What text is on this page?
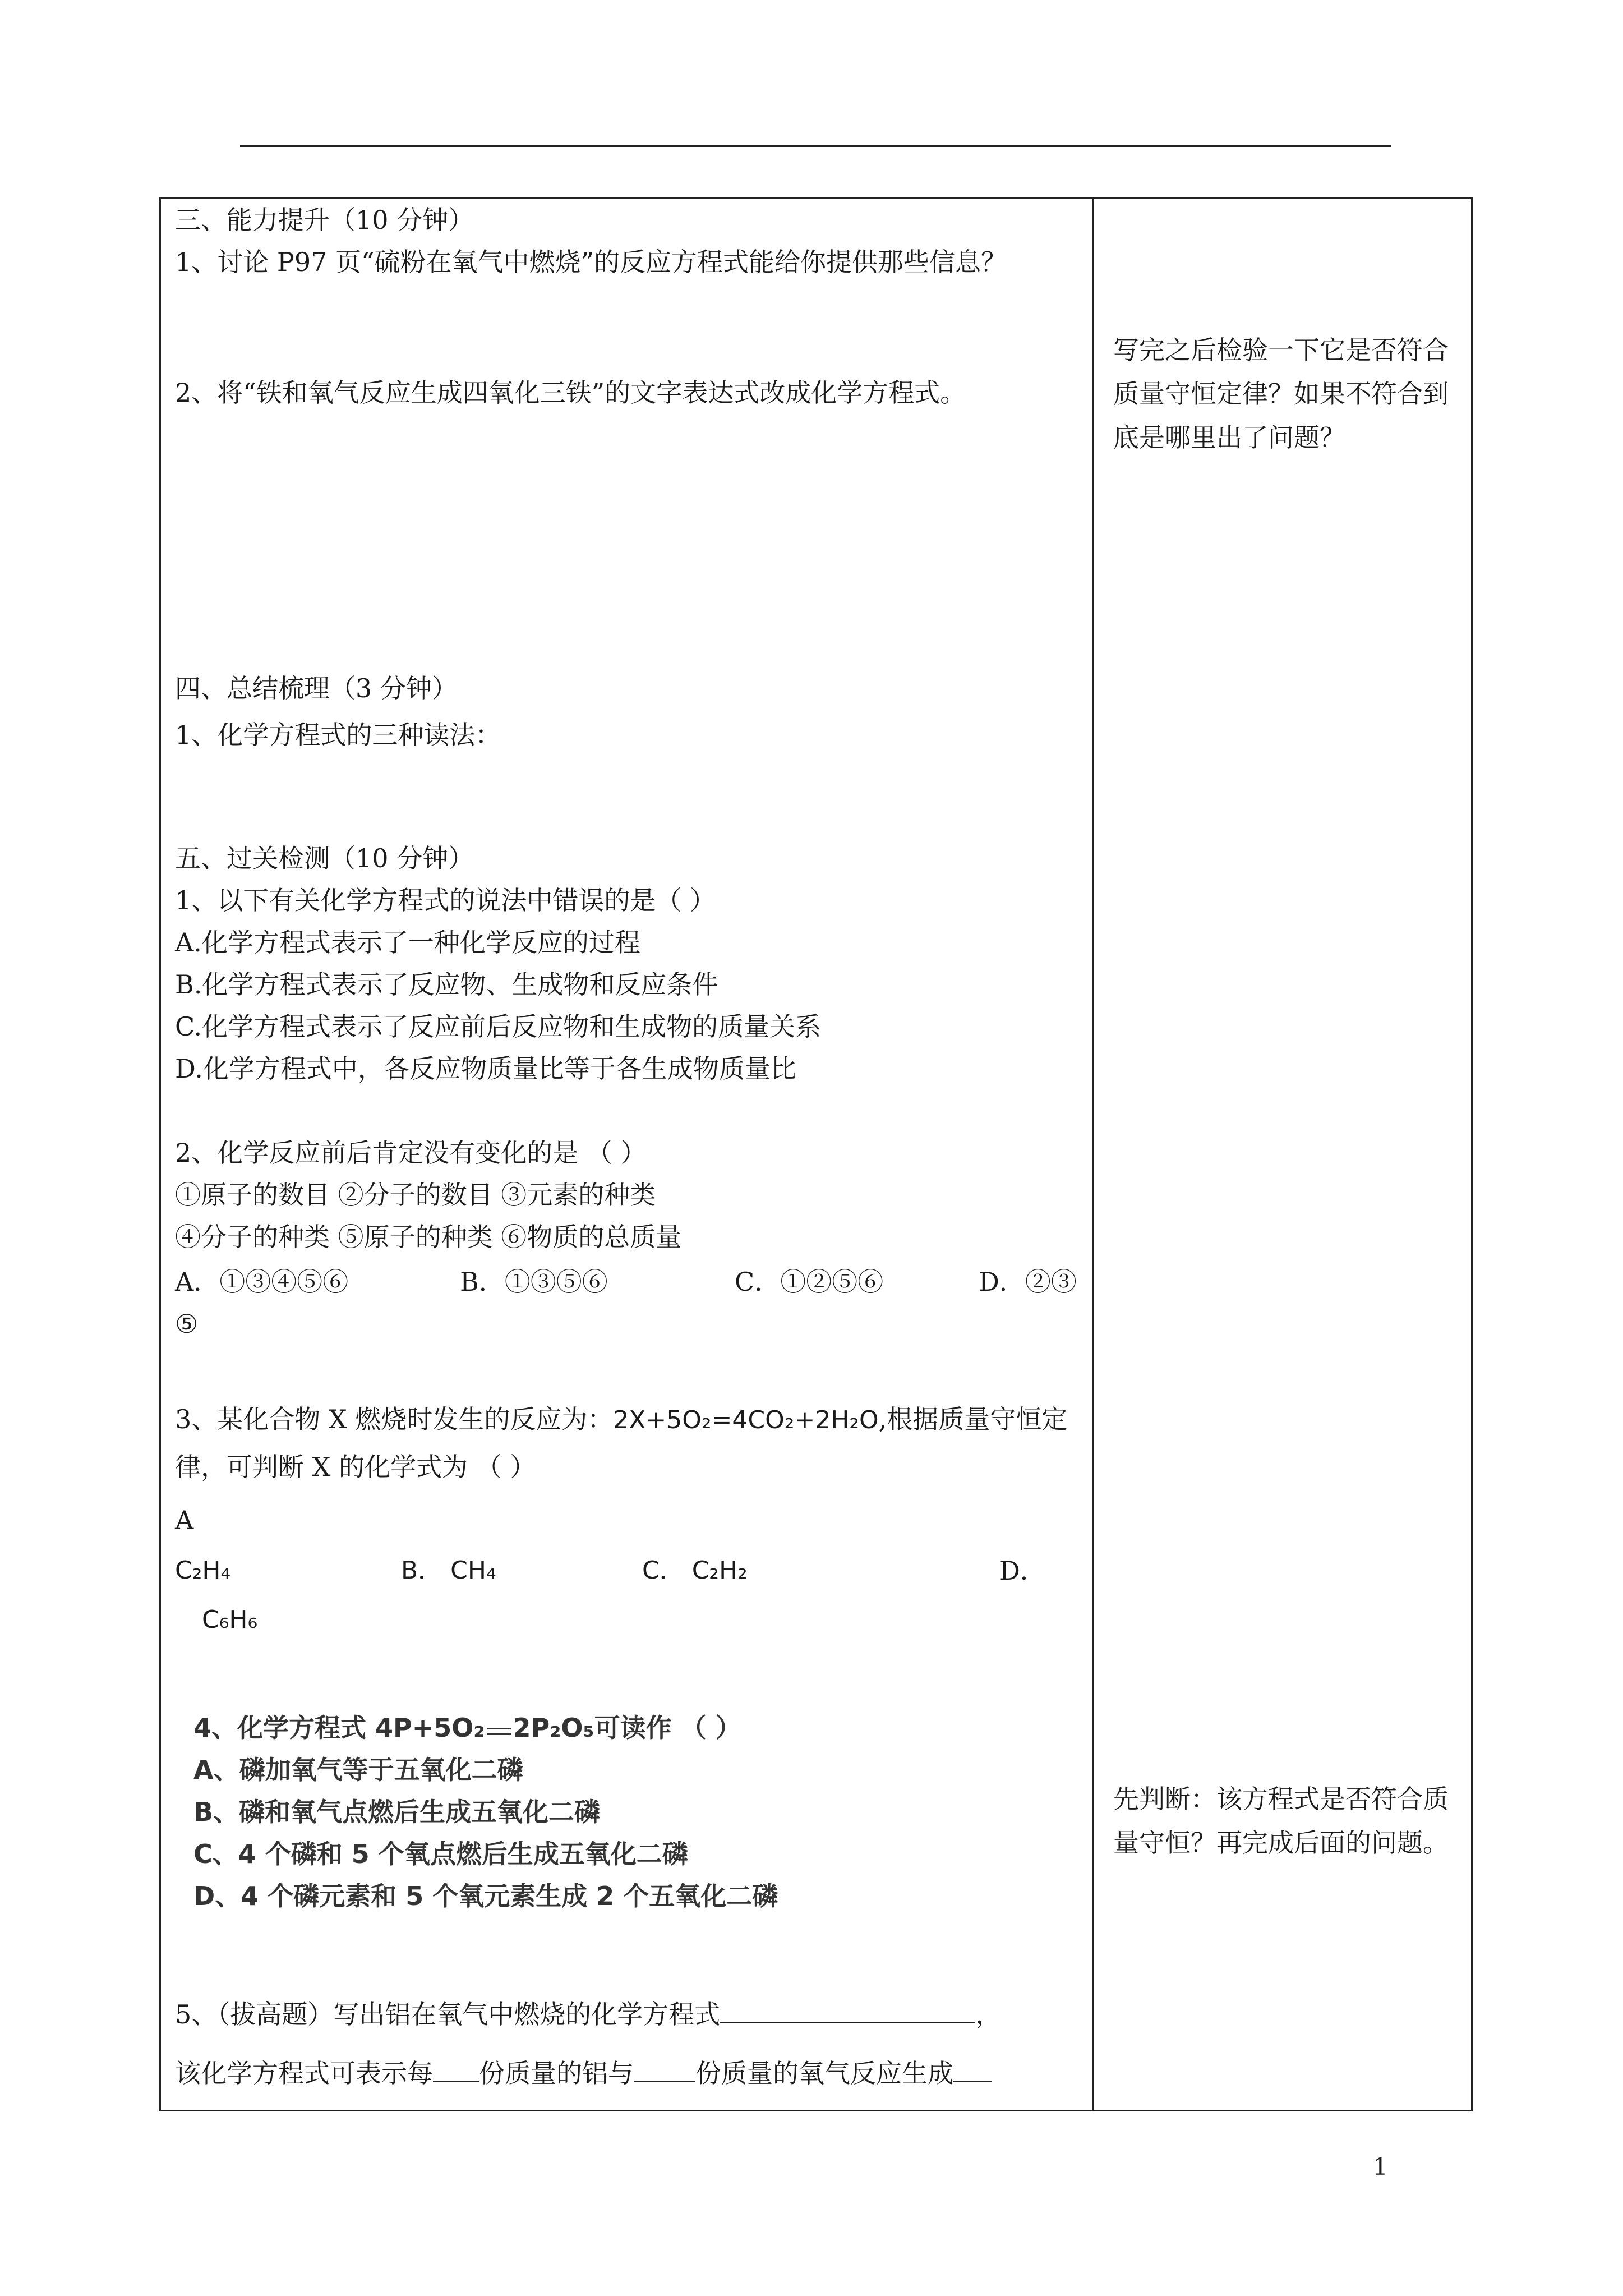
三、能力提升（10 分钟）
1、讨论 P97 页“硫粉在氧气中燃烧”的反应方程式能给你提供那些信息？
2、将“铁和氧气反应生成四氧化三铁”的文字表达式改成化学方程式。
四、总结梳理（3 分钟）
1、化学方程式的三种读法：
五、过关检测（10 分钟）
1、以下有关化学方程式的说法中错误的是（ ）
A.化学方程式表示了一种化学反应的过程
B.化学方程式表示了反应物、生成物和反应条件
C.化学方程式表示了反应前后反应物和生成物的质量关系
D.化学方程式中，各反应物质量比等于各生成物质量比
2、化学反应前后肯定没有变化的是 （ ）
①原子的数目 ②分子的数目 ③元素的种类
④分子的种类 ⑤原子的种类 ⑥物质的总质量
A．①③④⑤⑥	B．①③⑤⑥	C．①②⑤⑥	D．②③
⑤
3、某化合物 X 燃烧时发生的反应为：2X+5O₂=4CO₂+2H₂O,根据质量守恒定
律，可判断 X 的化学式为 （ ）
A
C₂H₄	B． CH₄	C． C₂H₂	D．
C₆H₆
4、化学方程式 4P+5O₂ 2P₂O₅可读作 （ ）
A、磷加氧气等于五氧化二磷
B、磷和氧气点燃后生成五氧化二磷
C、4 个磷和 5 个氧点燃后生成五氧化二磷
D、4 个磷元素和 5 个氧元素生成 2 个五氧化二磷
5、（拔高题）写出铝在氧气中燃烧的化学方程式	，
该化学方程式可表示每 份质量的铝与 份质量的氧气反应生成
写完之后检验一下它是否符合质量守恒定律？如果不符合到底是哪里出了问题？
先判断：该方程式是否符合质量守恒？再完成后面的问题。
1
